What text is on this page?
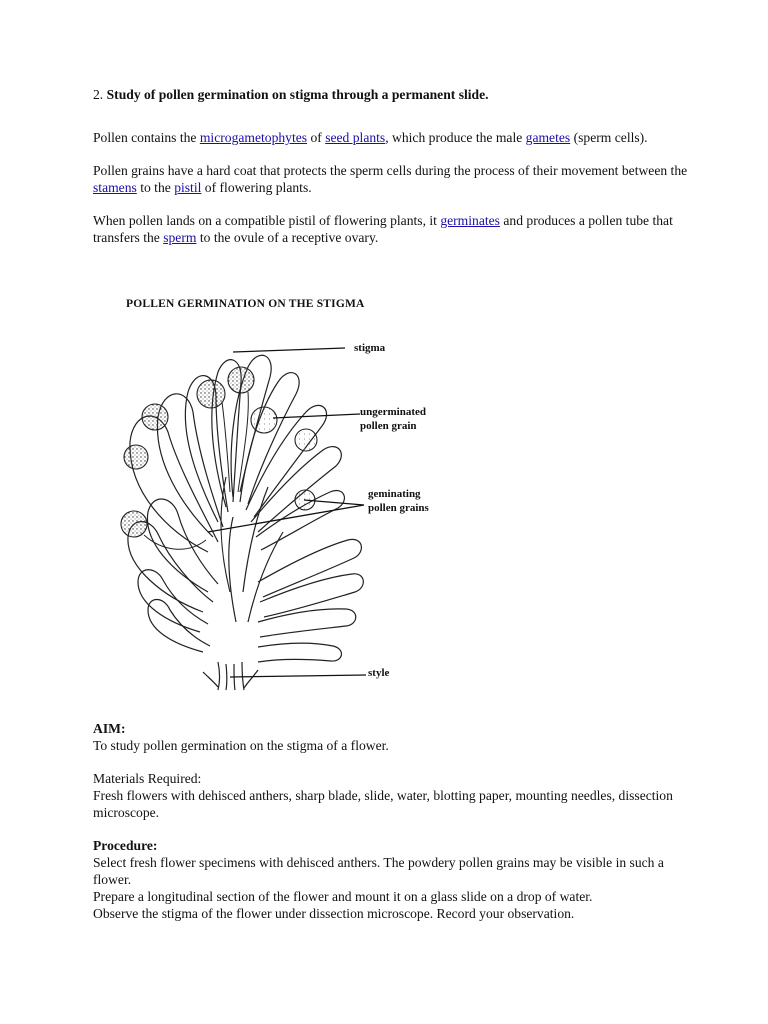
2. Study of pollen germination on stigma through a permanent slide.

Pollen contains the microgametophytes of seed plants, which produce the male gametes (sperm cells).

Pollen grains have a hard coat that protects the sperm cells during the process of their movement between the stamens to the pistil of flowering plants.

When pollen lands on a compatible pistil of flowering plants, it germinates and produces a pollen tube that transfers the sperm to the ovule of a receptive ovary.

POLLEN GERMINATION ON THE STIGMA
stigma
ungerminated
pollen grain
geminating
pollen grains
style

AIM:

To study pollen germination on the stigma of a flower.

Materials Required:

Fresh flowers with dehisced anthers, sharp blade, slide, water, blotting paper, mounting needles, dissection microscope.

Procedure:

Select fresh flower specimens with dehisced anthers. The powdery pollen grains may be visible in such a flower.

Prepare a longitudinal section of the flower and mount it on a glass slide on a drop of water.

Observe the stigma of the flower under dissection microscope. Record your observation.
